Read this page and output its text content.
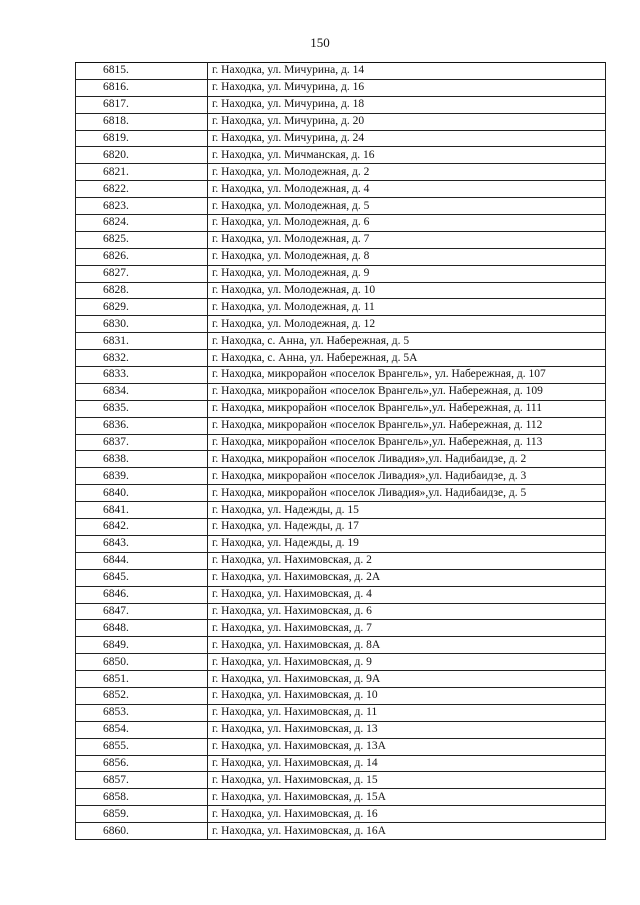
150
6815.	г. Находка, ул. Мичурина, д. 14
6816.	г. Находка, ул. Мичурина, д. 16
6817.	г. Находка, ул. Мичурина, д. 18
6818.	г. Находка, ул. Мичурина, д. 20
6819.	г. Находка, ул. Мичурина, д. 24
6820.	г. Находка, ул. Мичманская, д. 16
6821.	г. Находка, ул. Молодежная, д. 2
6822.	г. Находка, ул. Молодежная, д. 4
6823.	г. Находка, ул. Молодежная, д. 5
6824.	г. Находка, ул. Молодежная, д. 6
6825.	г. Находка, ул. Молодежная, д. 7
6826.	г. Находка, ул. Молодежная, д. 8
6827.	г. Находка, ул. Молодежная, д. 9
6828.	г. Находка, ул. Молодежная, д. 10
6829.	г. Находка, ул. Молодежная, д. 11
6830.	г. Находка, ул. Молодежная, д. 12
6831.	г. Находка, с. Анна, ул. Набережная, д. 5
6832.	г. Находка, с. Анна, ул. Набережная, д. 5А
6833.	г. Находка, микрорайон «поселок Врангель», ул. Набережная, д. 107
6834.	г. Находка, микрорайон «поселок Врангель»,ул. Набережная, д. 109
6835.	г. Находка, микрорайон «поселок Врангель»,ул. Набережная, д. 111
6836.	г. Находка, микрорайон «поселок Врангель»,ул. Набережная, д. 112
6837.	г. Находка, микрорайон «поселок Врангель»,ул. Набережная, д. 113
6838.	г. Находка, микрорайон «поселок Ливадия»,ул. Надибаидзе, д. 2
6839.	г. Находка, микрорайон «поселок Ливадия»,ул. Надибаидзе, д. 3
6840.	г. Находка, микрорайон «поселок Ливадия»,ул. Надибаидзе, д. 5
6841.	г. Находка, ул. Надежды, д. 15
6842.	г. Находка, ул. Надежды, д. 17
6843.	г. Находка, ул. Надежды, д. 19
6844.	г. Находка, ул. Нахимовская, д. 2
6845.	г. Находка, ул. Нахимовская, д. 2А
6846.	г. Находка, ул. Нахимовская, д. 4
6847.	г. Находка, ул. Нахимовская, д. 6
6848.	г. Находка, ул. Нахимовская, д. 7
6849.	г. Находка, ул. Нахимовская, д. 8А
6850.	г. Находка, ул. Нахимовская, д. 9
6851.	г. Находка, ул. Нахимовская, д. 9А
6852.	г. Находка, ул. Нахимовская, д. 10
6853.	г. Находка, ул. Нахимовская, д. 11
6854.	г. Находка, ул. Нахимовская, д. 13
6855.	г. Находка, ул. Нахимовская, д. 13А
6856.	г. Находка, ул. Нахимовская, д. 14
6857.	г. Находка, ул. Нахимовская, д. 15
6858.	г. Находка, ул. Нахимовская, д. 15А
6859.	г. Находка, ул. Нахимовская, д. 16
6860.	г. Находка, ул. Нахимовская, д. 16А
